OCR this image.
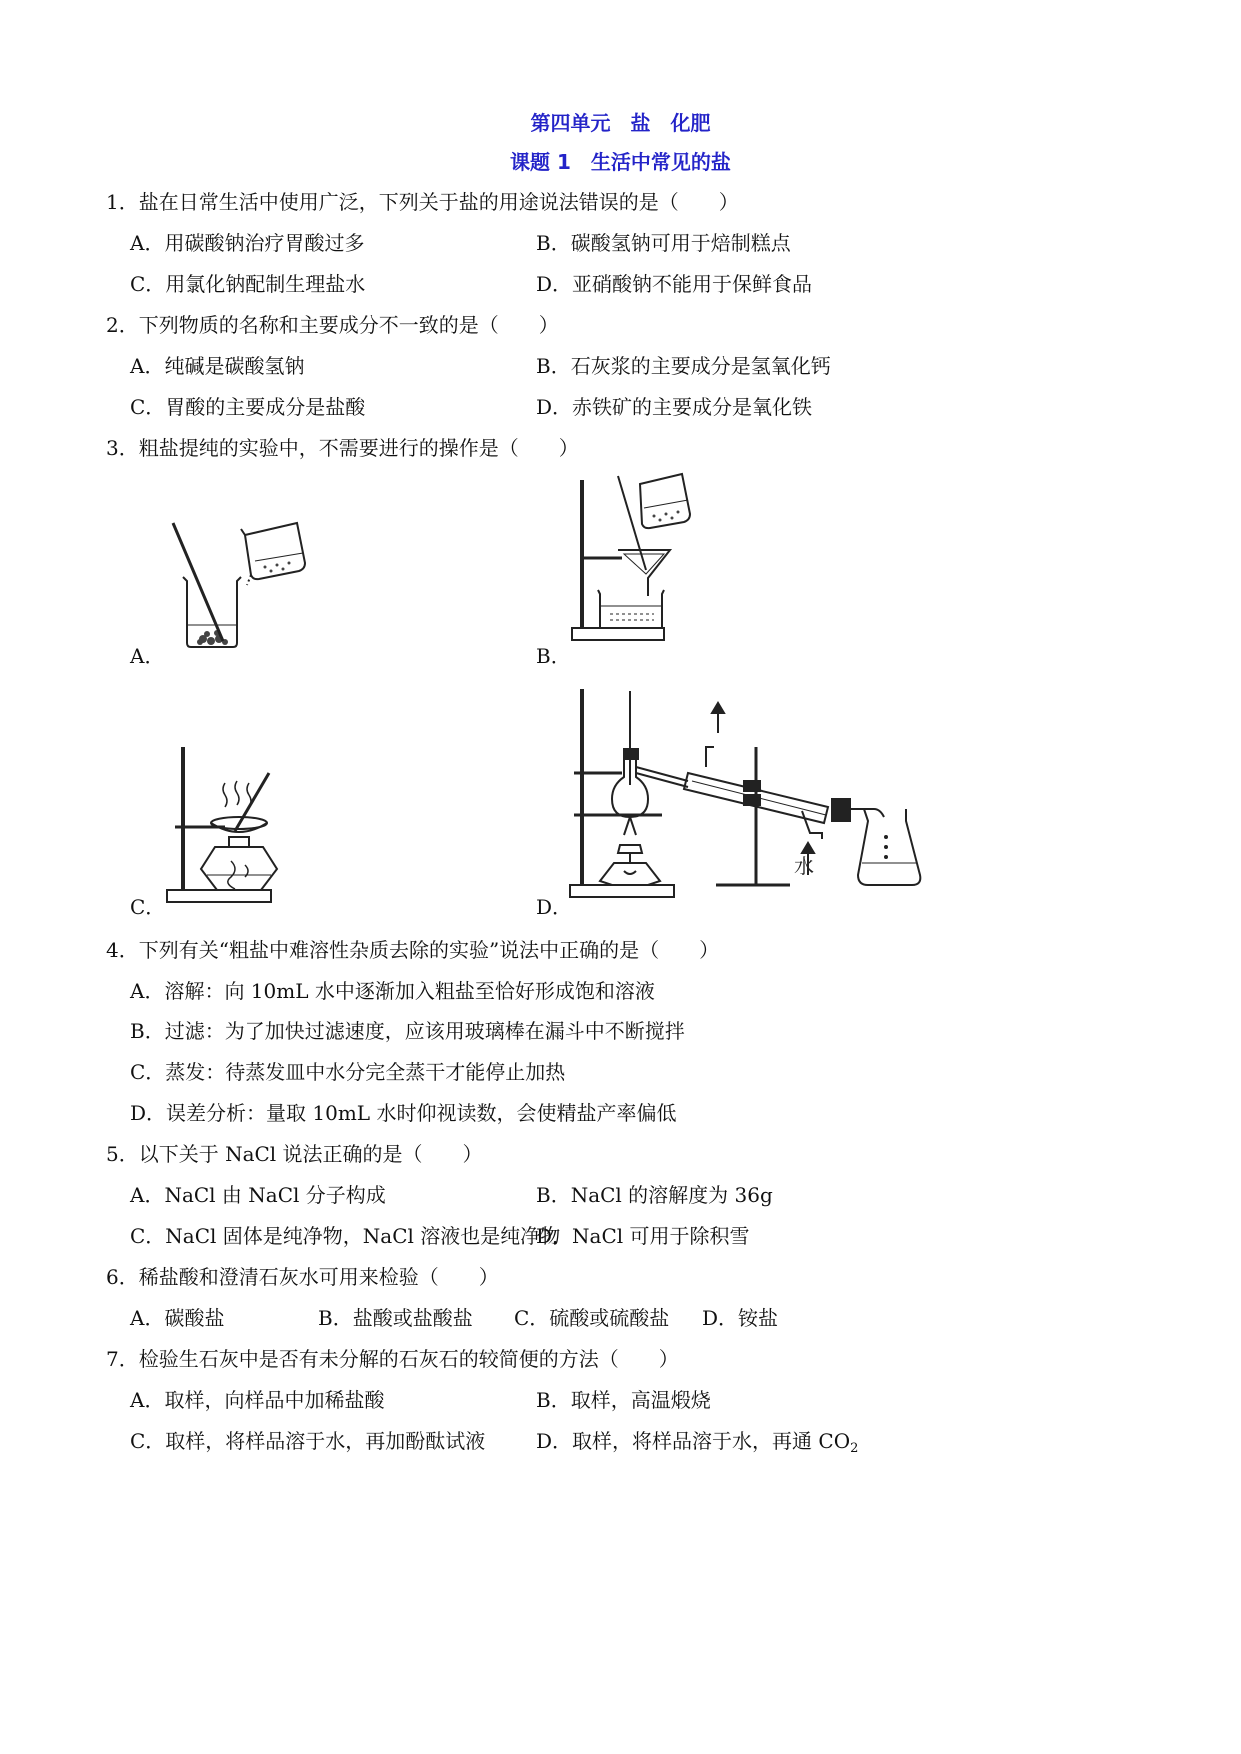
第四单元　盐　化肥
课题 1　生活中常见的盐
1．盐在日常生活中使用广泛，下列关于盐的用途说法错误的是（　　）
A．用碳酸钠治疗胃酸过多	B．碳酸氢钠可用于焙制糕点
C．用氯化钠配制生理盐水	D．亚硝酸钠不能用于保鲜食品
2．下列物质的名称和主要成分不一致的是（　　）
A．纯碱是碳酸氢钠	B．石灰浆的主要成分是氢氧化钙
C．胃酸的主要成分是盐酸	D．赤铁矿的主要成分是氧化铁
3．粗盐提纯的实验中，不需要进行的操作是（　　）
A．	B．
C．
水
D．
4．下列有关“粗盐中难溶性杂质去除的实验”说法中正确的是（　　）
A．溶解：向 10mL 水中逐渐加入粗盐至恰好形成饱和溶液
B．过滤：为了加快过滤速度，应该用玻璃棒在漏斗中不断搅拌
C．蒸发：待蒸发皿中水分完全蒸干才能停止加热
D．误差分析：量取 10mL 水时仰视读数，会使精盐产率偏低
5．以下关于 NaCl 说法正确的是（　　）
A．NaCl 由 NaCl 分子构成	B．NaCl 的溶解度为 36g
C．NaCl 固体是纯净物，NaCl 溶液也是纯净物
D．NaCl 可用于除积雪
6．稀盐酸和澄清石灰水可用来检验（　　）
A．碳酸盐	B．盐酸或盐酸盐 C．硫酸或硫酸盐 D．铵盐
7．检验生石灰中是否有未分解的石灰石的较简便的方法（　　）
A．取样，向样品中加稀盐酸	B．取样，高温煅烧
C．取样，将样品溶于水，再加酚酞试液	D．取样，将样品溶于水，再通 $CO_2$
